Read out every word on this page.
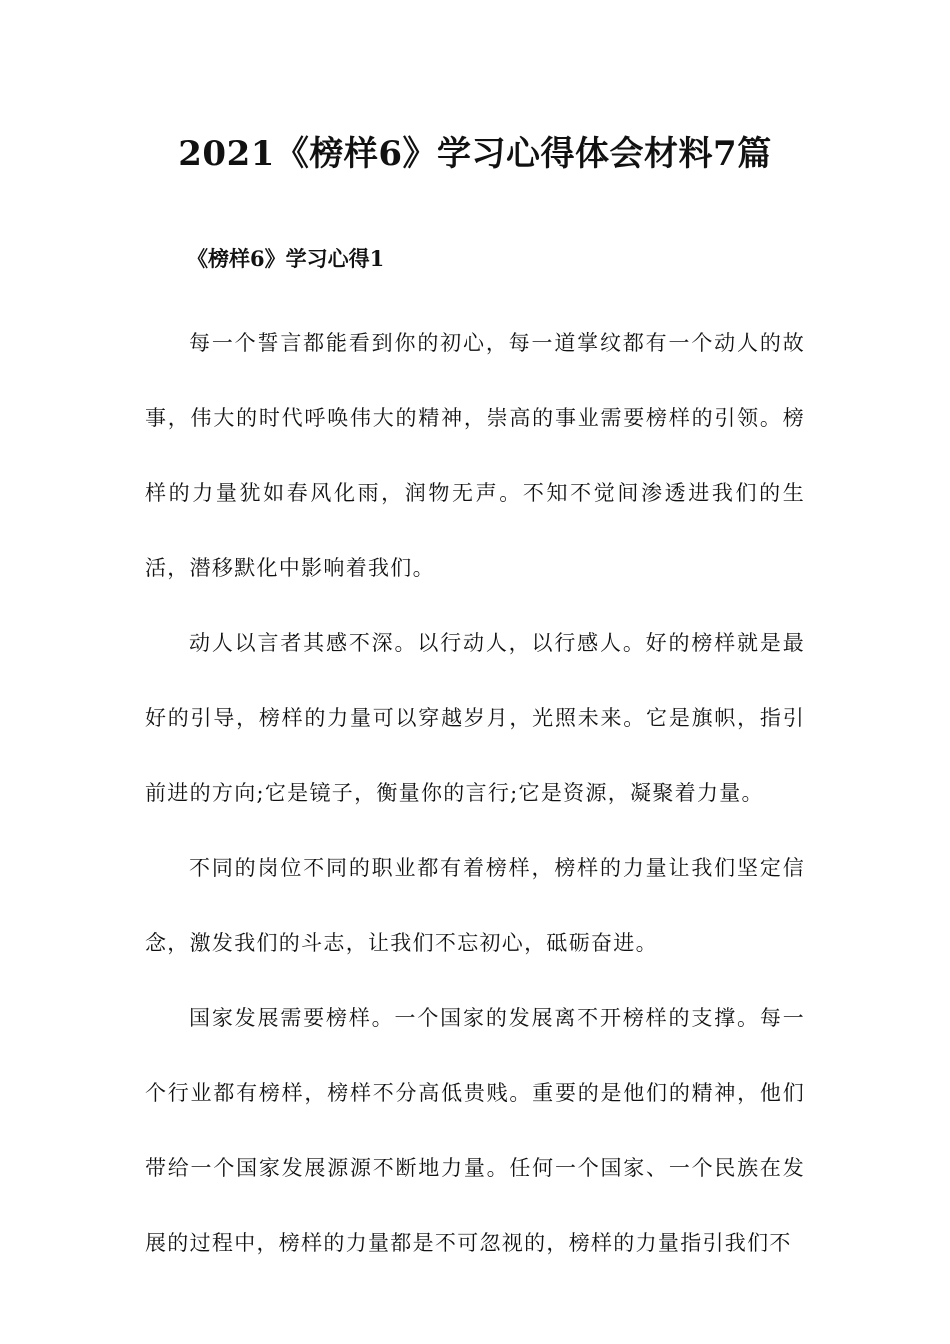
2021《榜样6》学习心得体会材料7篇
《榜样6》学习心得1

每一个誓言都能看到你的初心，每一道掌纹都有一个动人的故事，伟大的时代呼唤伟大的精神，崇高的事业需要榜样的引领。榜样的力量犹如春风化雨，润物无声。不知不觉间渗透进我们的生活，潜移默化中影响着我们。

动人以言者其感不深。以行动人，以行感人。好的榜样就是最好的引导，榜样的力量可以穿越岁月，光照未来。它是旗帜，指引前进的方向;它是镜子，衡量你的言行;它是资源，凝聚着力量。

不同的岗位不同的职业都有着榜样，榜样的力量让我们坚定信念，激发我们的斗志，让我们不忘初心，砥砺奋进。

国家发展需要榜样。一个国家的发展离不开榜样的支撑。每一个行业都有榜样，榜样不分高低贵贱。重要的是他们的精神，他们带给一个国家发展源源不断地力量。任何一个国家、一个民族在发展的过程中，榜样的力量都是不可忽视的，榜样的力量指引我们不
